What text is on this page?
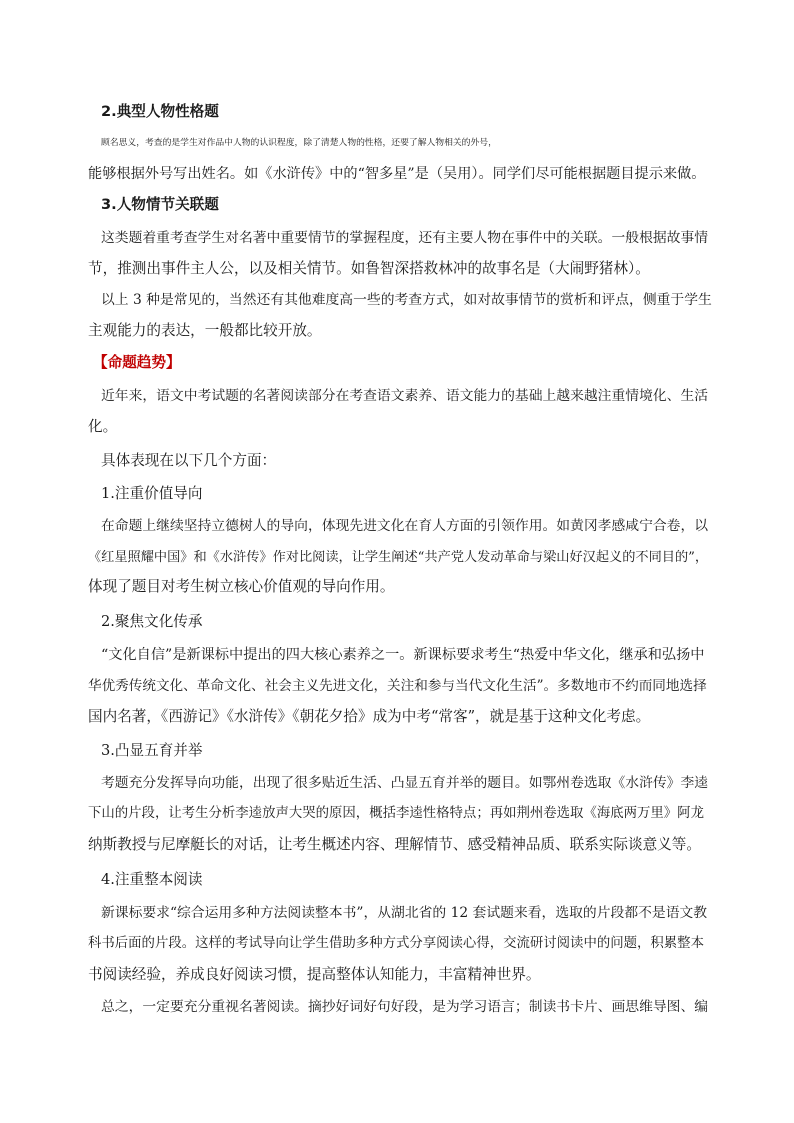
2.典型人物性格题
顾名思义，考查的是学生对作品中人物的认识程度，除了清楚人物的性格，还要了解人物相关的外号，
能够根据外号写出姓名。如《水浒传》中的“智多星”是（吴用）。同学们尽可能根据题目提示来做。
3.人物情节关联题
这类题着重考查学生对名著中重要情节的掌握程度，还有主要人物在事件中的关联。一般根据故事情
节，推测出事件主人公，以及相关情节。如鲁智深搭救林冲的故事名是（大闹野猪林）。
以上 3 种是常见的，当然还有其他难度高一些的考查方式，如对故事情节的赏析和评点，侧重于学生
主观能力的表达，一般都比较开放。
【命题趋势】
近年来，语文中考试题的名著阅读部分在考查语文素养、语文能力的基础上越来越注重情境化、生活
化。
具体表现在以下几个方面：
1.注重价值导向
在命题上继续坚持立德树人的导向，体现先进文化在育人方面的引领作用。如黄冈孝感咸宁合卷，以
《红星照耀中国》和《水浒传》作对比阅读，让学生阐述“共产党人发动革命与梁山好汉起义的不同目的”，
体现了题目对考生树立核心价值观的导向作用。
2.聚焦文化传承
“文化自信”是新课标中提出的四大核心素养之一。新课标要求考生“热爱中华文化，继承和弘扬中
华优秀传统文化、革命文化、社会主义先进文化，关注和参与当代文化生活”。多数地市不约而同地选择
国内名著，《西游记》《水浒传》《朝花夕拾》成为中考“常客”，就是基于这种文化考虑。
3.凸显五育并举
考题充分发挥导向功能，出现了很多贴近生活、凸显五育并举的题目。如鄂州卷选取《水浒传》李逵
下山的片段，让考生分析李逵放声大哭的原因，概括李逵性格特点；再如荆州卷选取《海底两万里》阿龙
纳斯教授与尼摩艇长的对话，让考生概述内容、理解情节、感受精神品质、联系实际谈意义等。
4.注重整本阅读
新课标要求“综合运用多种方法阅读整本书”，从湖北省的 12 套试题来看，选取的片段都不是语文教
科书后面的片段。这样的考试导向让学生借助多种方式分享阅读心得，交流研讨阅读中的问题，积累整本
书阅读经验，养成良好阅读习惯，提高整体认知能力，丰富精神世界。
总之，一定要充分重视名著阅读。摘抄好词好句好段，是为学习语言；制读书卡片、画思维导图、编
